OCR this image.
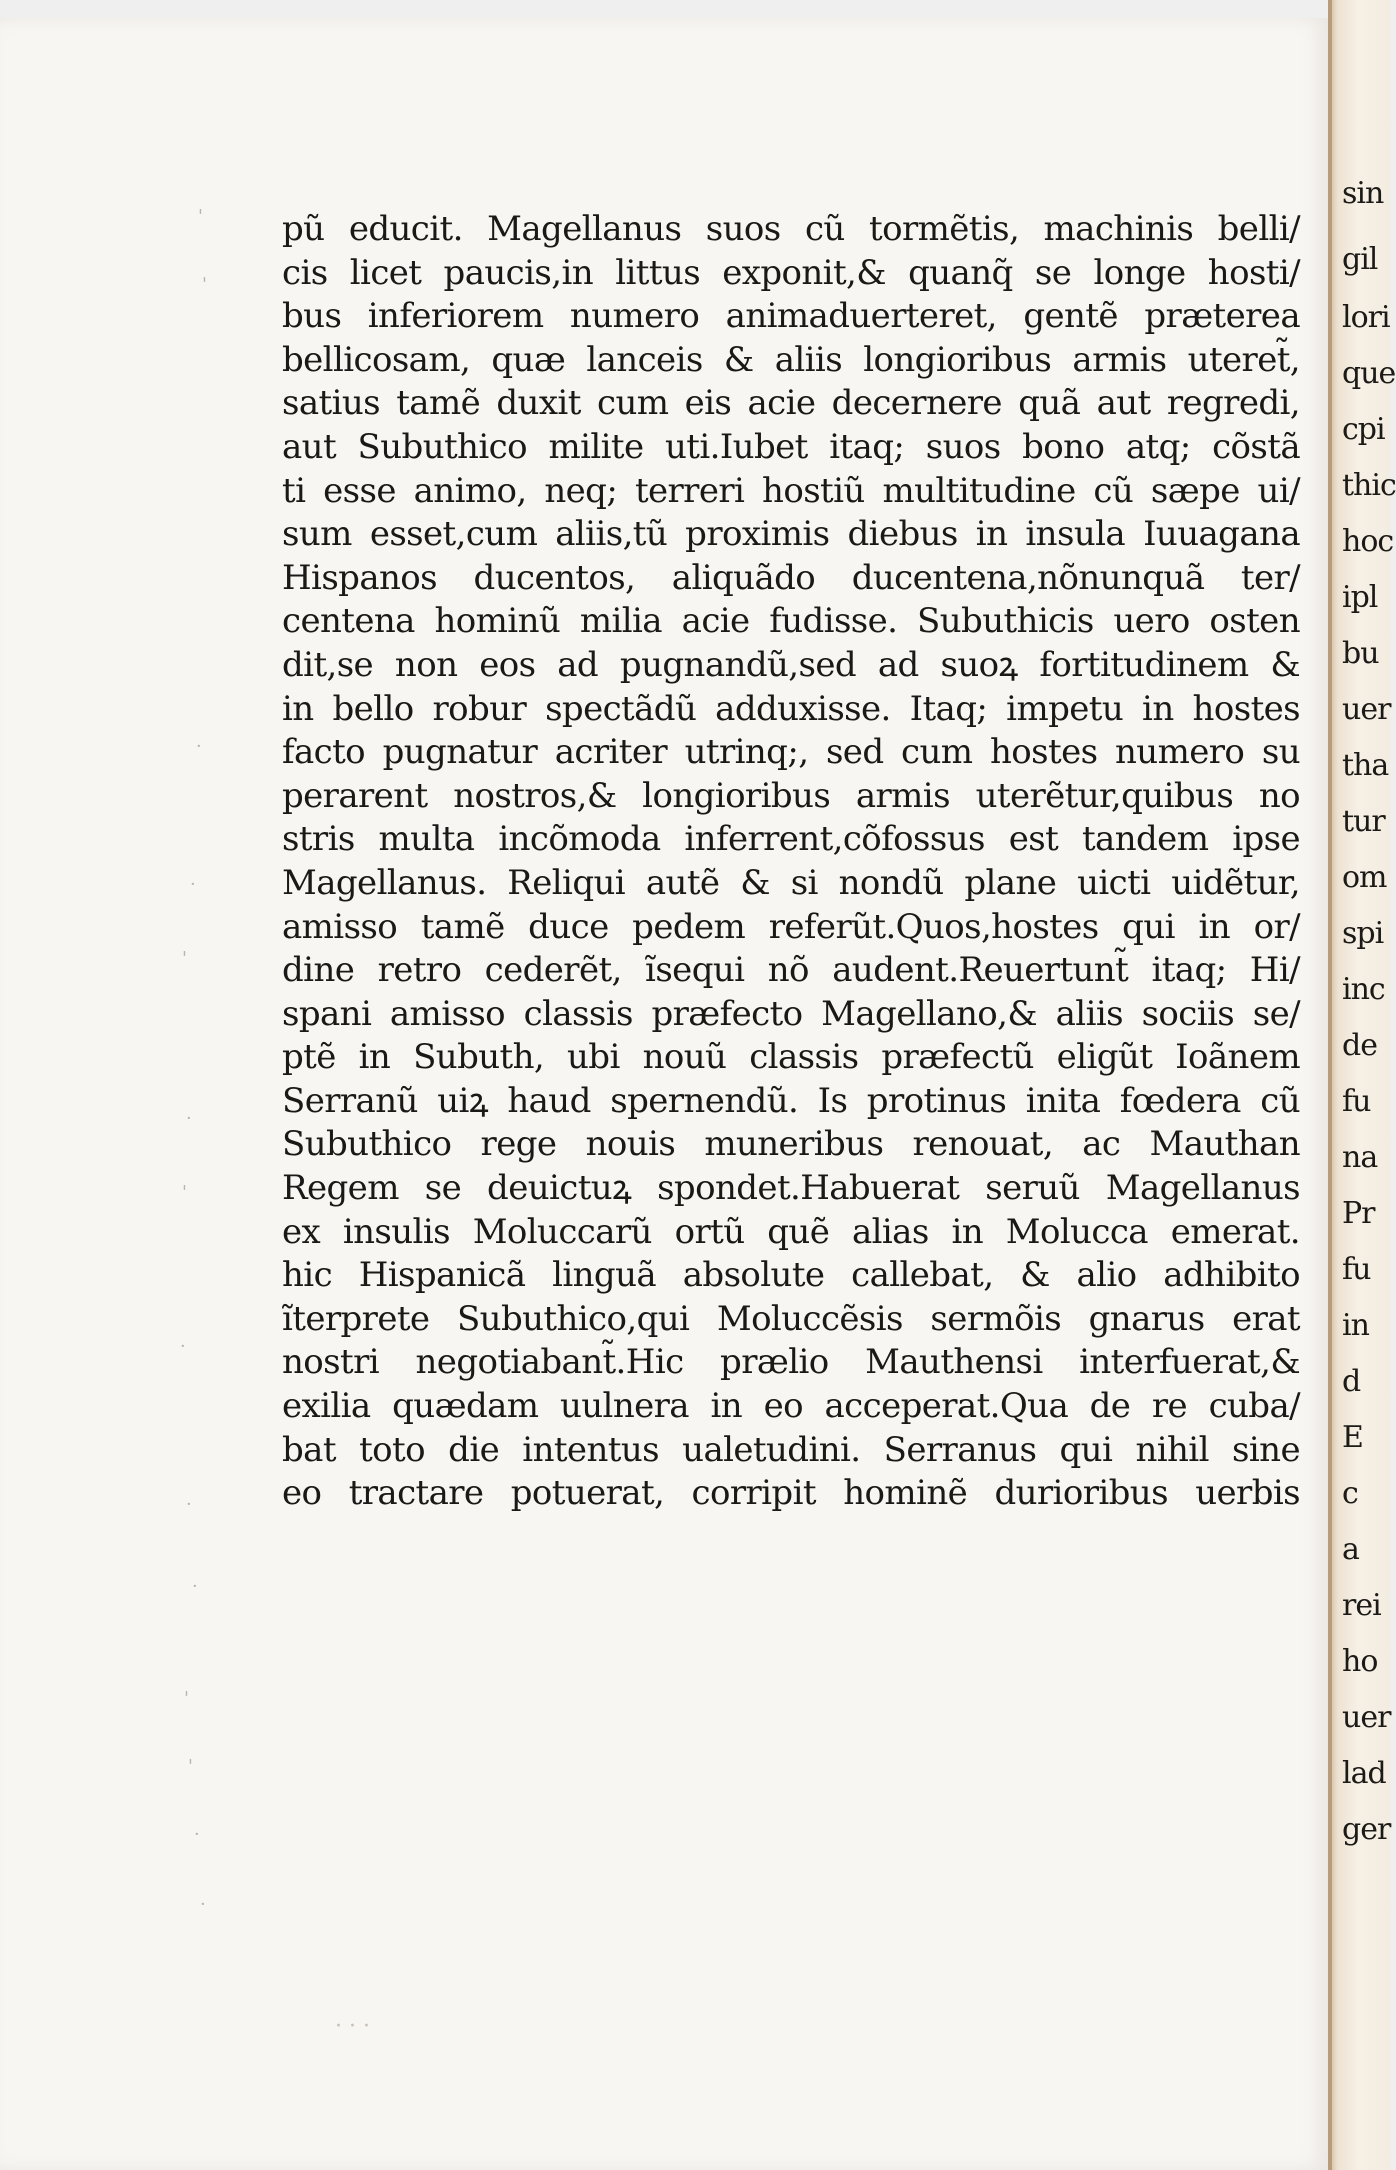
'
'
·
·
'
·
'
·
·
·
'
'
·
·
pũ educit. Magellanus suos cũ tormẽtis, machinis belli/
cis licet paucis,in littus exponit,& quanq̃ se longe hosti/
bus inferiorem numero animaduerteret, gentẽ præterea
bellicosam, quæ lanceis & aliis longioribus armis uteret̃,
satius tamẽ duxit cum eis acie decernere quã aut regredi,
aut Subuthico milite uti.Iubet itaq; suos bono atq; cõstã
ti esse animo, neq; terreri hostiũ multitudine cũ sæpe ui/
sum esset,cum aliis,tũ proximis diebus in insula Iuuagana
Hispanos ducentos, aliquãdo ducentena,nõnunquã ter/
centena hominũ milia acie fudisse. Subuthicis uero osten
dit,se non eos ad pugnandũ,sed ad suoꝝ fortitudinem &
in bello robur spectãdũ adduxisse. Itaq; impetu in hostes
facto pugnatur acriter utrinq;, sed cum hostes numero su
perarent nostros,& longioribus armis uterẽtur,quibus no
stris multa incõmoda inferrent,cõfossus est tandem ipse
Magellanus. Reliqui autẽ & si nondũ plane uicti uidẽtur,
amisso tamẽ duce pedem referũt.Quos,hostes qui in or/
dine retro cederẽt, ĩsequi nõ audent.Reuertunt̃ itaq; Hi/
spani amisso classis præfecto Magellano,& aliis sociis se/
ptẽ in Subuth, ubi nouũ classis præfectũ eligũt Ioãnem
Serranũ uiꝝ haud spernendũ. Is protinus inita fœdera cũ
Subuthico rege nouis muneribus renouat, ac Mauthan
Regem se deuictuꝝ spondet.Habuerat seruũ Magellanus
ex insulis Moluccarũ ortũ quẽ alias in Molucca emerat.
hic Hispanicã linguã absolute callebat, & alio adhibito
ĩterprete Subuthico,qui Moluccẽsis sermõis gnarus erat
nostri negotiabant̃.Hic prælio Mauthensi interfuerat,&
exilia quædam uulnera in eo acceperat.Qua de re cuba/
bat toto die intentus ualetudini. Serranus qui nihil sine
eo tractare potuerat, corripit hominẽ durioribus uerbis
· · ·
sin
gil
lori
que
cpi
thic
hoc
ipl
bu
uer
tha
tur
om
spi
inc
de
fu
na
Pr
fu
in
d
E
c
a
rei
ho
uer
lad
ger
